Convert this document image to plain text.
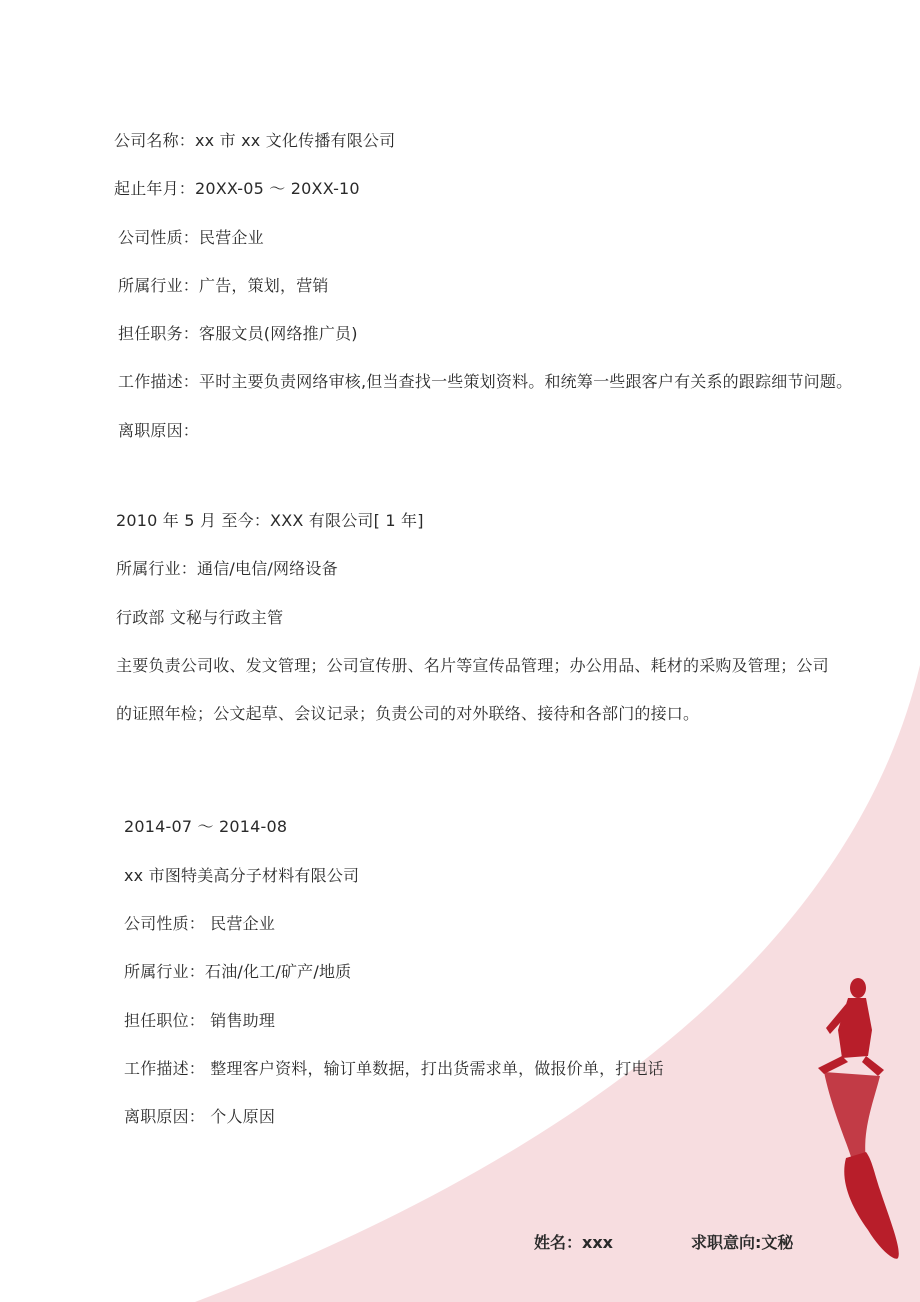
公司名称：xx 市 xx 文化传播有限公司
起止年月：20XX-05 ～ 20XX-10
公司性质：民营企业
所属行业：广告，策划，营销
担任职务：客服文员(网络推广员)
工作描述：平时主要负责网络审核,但当查找一些策划资料。和统筹一些跟客户有关系的跟踪细节问题。
离职原因：
2010 年 5 月 至今：XXX 有限公司[ 1 年]
所属行业：通信/电信/网络设备
行政部 文秘与行政主管
主要负责公司收、发文管理；公司宣传册、名片等宣传品管理；办公用品、耗材的采购及管理；公司
的证照年检；公文起草、会议记录；负责公司的对外联络、接待和各部门的接口。
2014-07 ～ 2014-08
xx 市图特美高分子材料有限公司
公司性质： 民营企业
所属行业：石油/化工/矿产/地质
担任职位： 销售助理
工作描述： 整理客户资料，输订单数据，打出货需求单，做报价单，打电话
离职原因： 个人原因
姓名：xxx	求职意向:文秘
